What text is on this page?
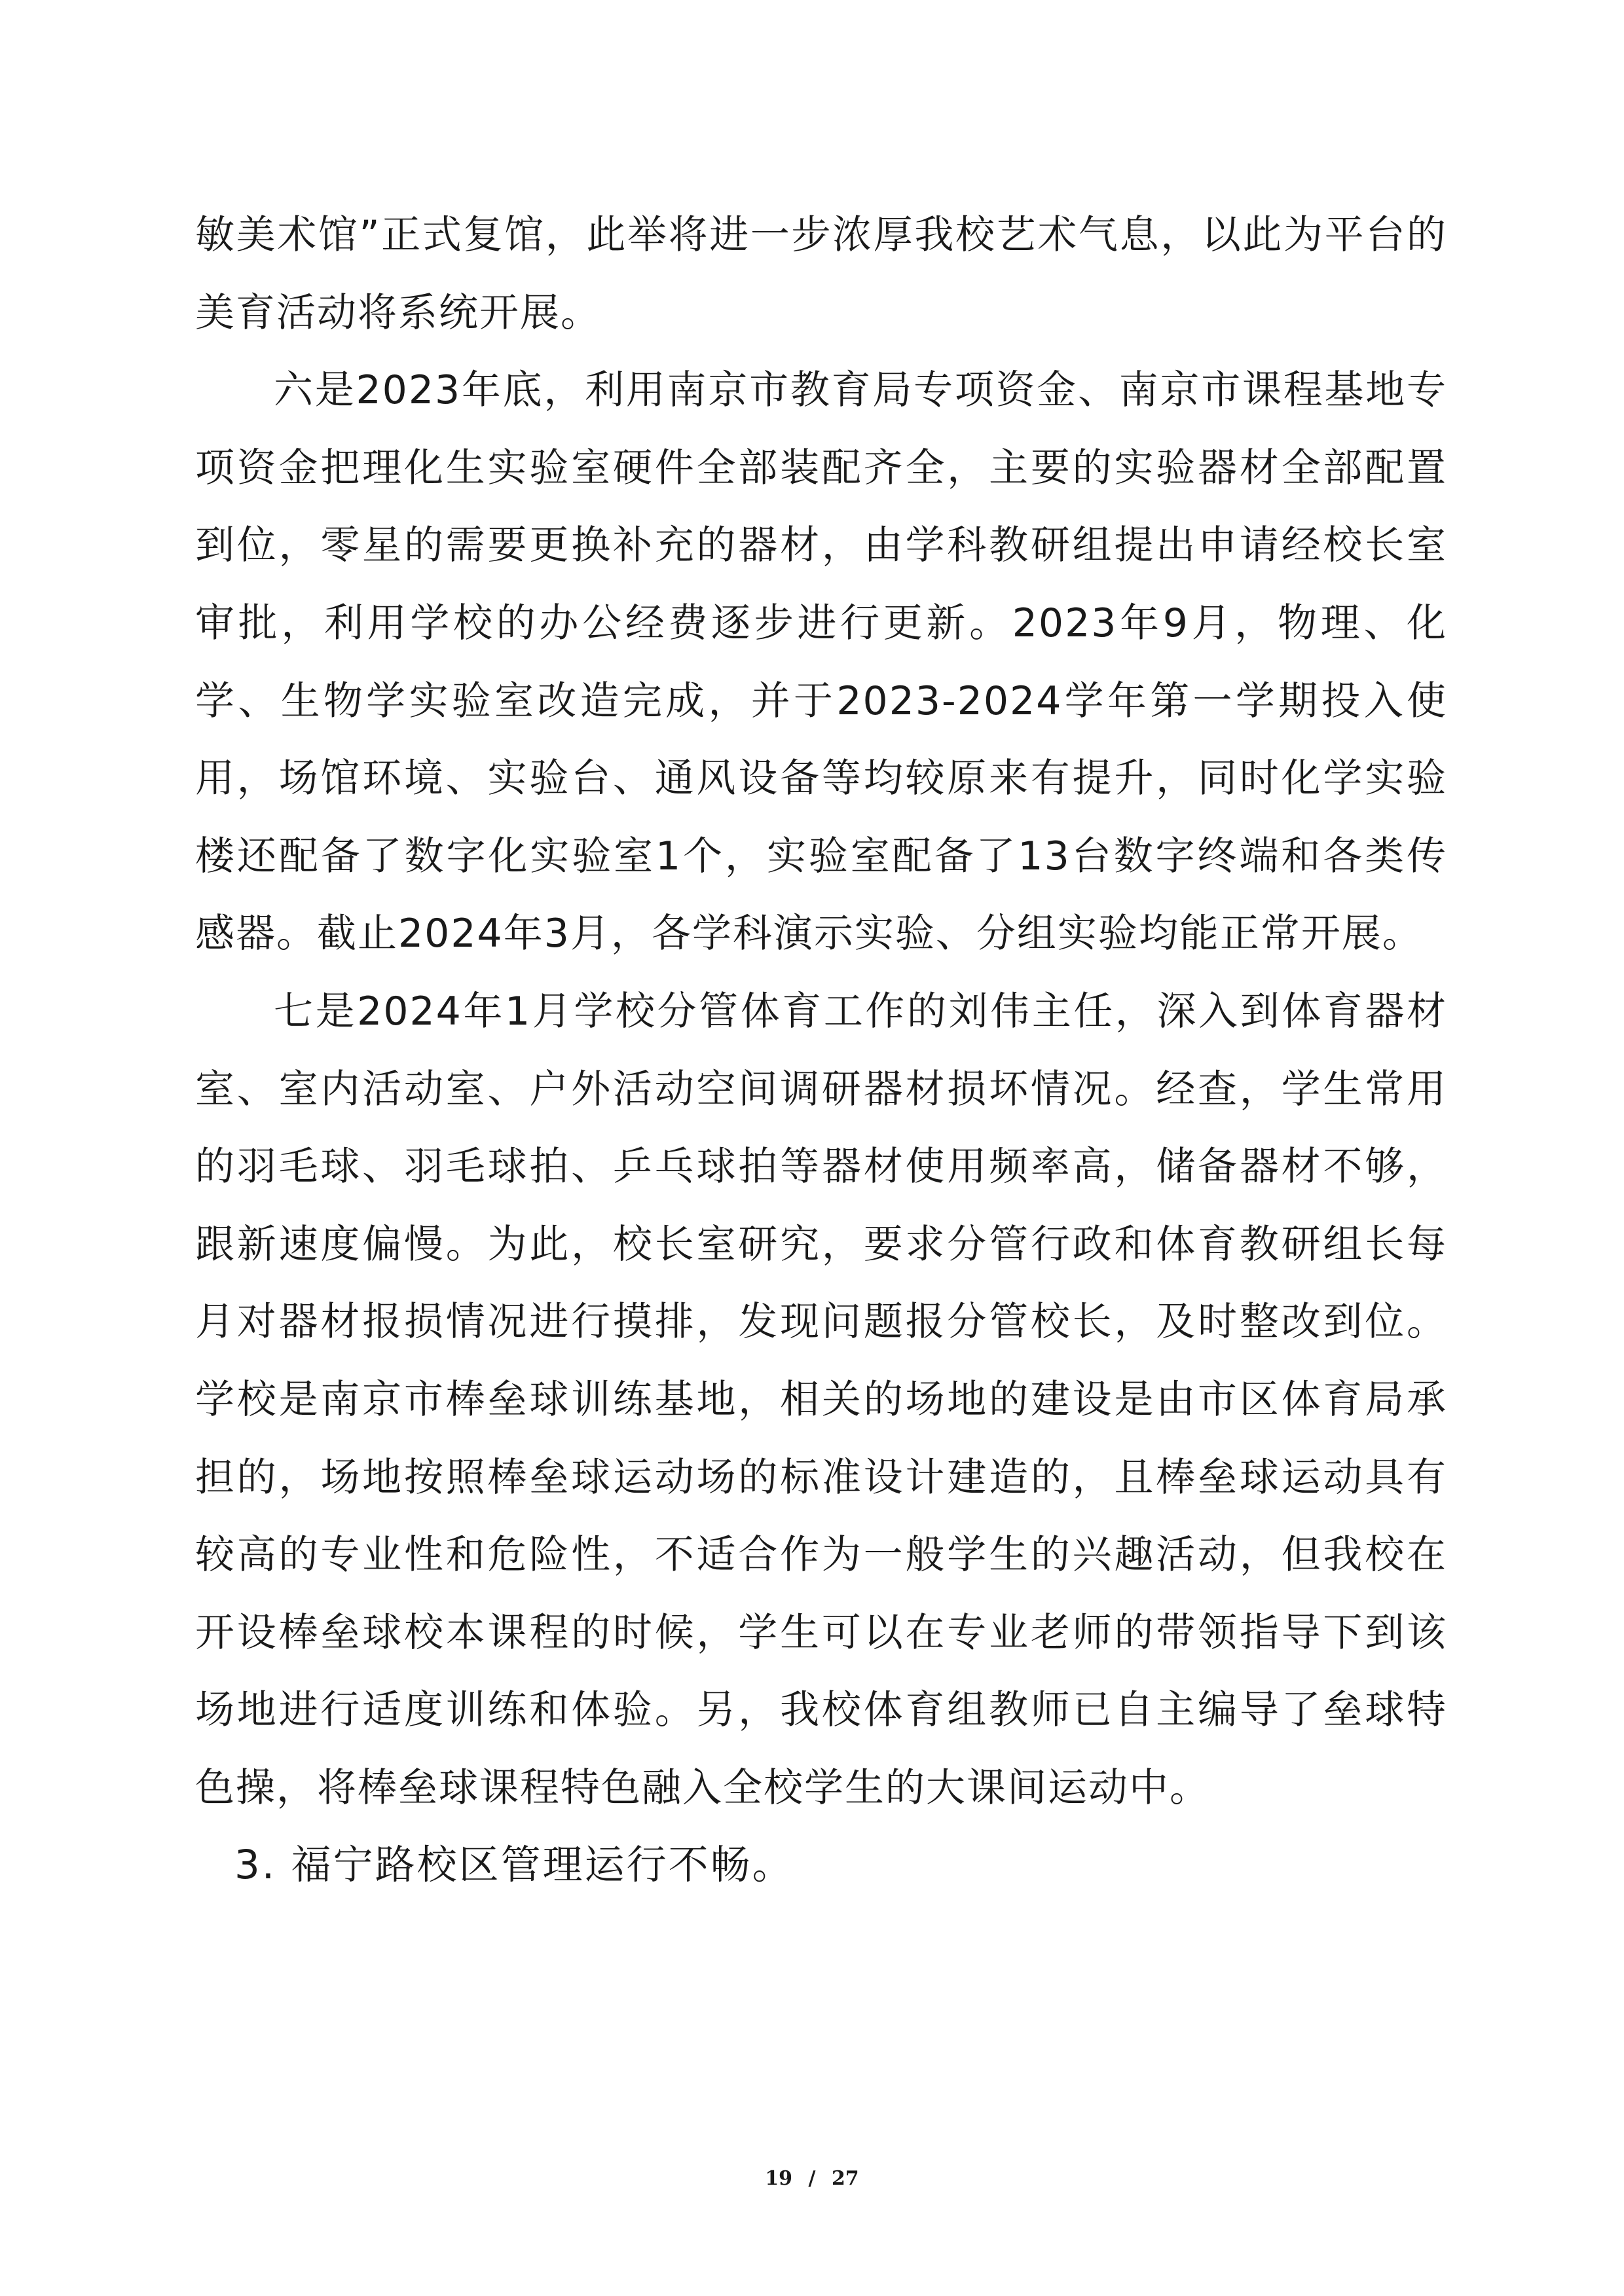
敏美术馆”正式复馆，此举将进一步浓厚我校艺术气息，以此为平台的美育活动将系统开展。

六是2023年底，利用南京市教育局专项资金、南京市课程基地专项资金把理化生实验室硬件全部装配齐全，主要的实验器材全部配置到位，零星的需要更换补充的器材，由学科教研组提出申请经校长室审批，利用学校的办公经费逐步进行更新。2023年9月，物理、化学、生物学实验室改造完成，并于2023-2024学年第一学期投入使用，场馆环境、实验台、通风设备等均较原来有提升，同时化学实验楼还配备了数字化实验室1个，实验室配备了13台数字终端和各类传感器。截止2024年3月，各学科演示实验、分组实验均能正常开展。

七是2024年1月学校分管体育工作的刘伟主任，深入到体育器材室、室内活动室、户外活动空间调研器材损坏情况。经查，学生常用的羽毛球、羽毛球拍、乒乓球拍等器材使用频率高，储备器材不够，跟新速度偏慢。为此，校长室研究，要求分管行政和体育教研组长每月对器材报损情况进行摸排，发现问题报分管校长，及时整改到位。学校是南京市棒垒球训练基地，相关的场地的建设是由市区体育局承担的，场地按照棒垒球运动场的标准设计建造的，且棒垒球运动具有较高的专业性和危险性，不适合作为一般学生的兴趣活动，但我校在开设棒垒球校本课程的时候，学生可以在专业老师的带领指导下到该场地进行适度训练和体验。另，我校体育组教师已自主编导了垒球特色操，将棒垒球课程特色融入全校学生的大课间运动中。

3. 福宁路校区管理运行不畅。

19 / 27
